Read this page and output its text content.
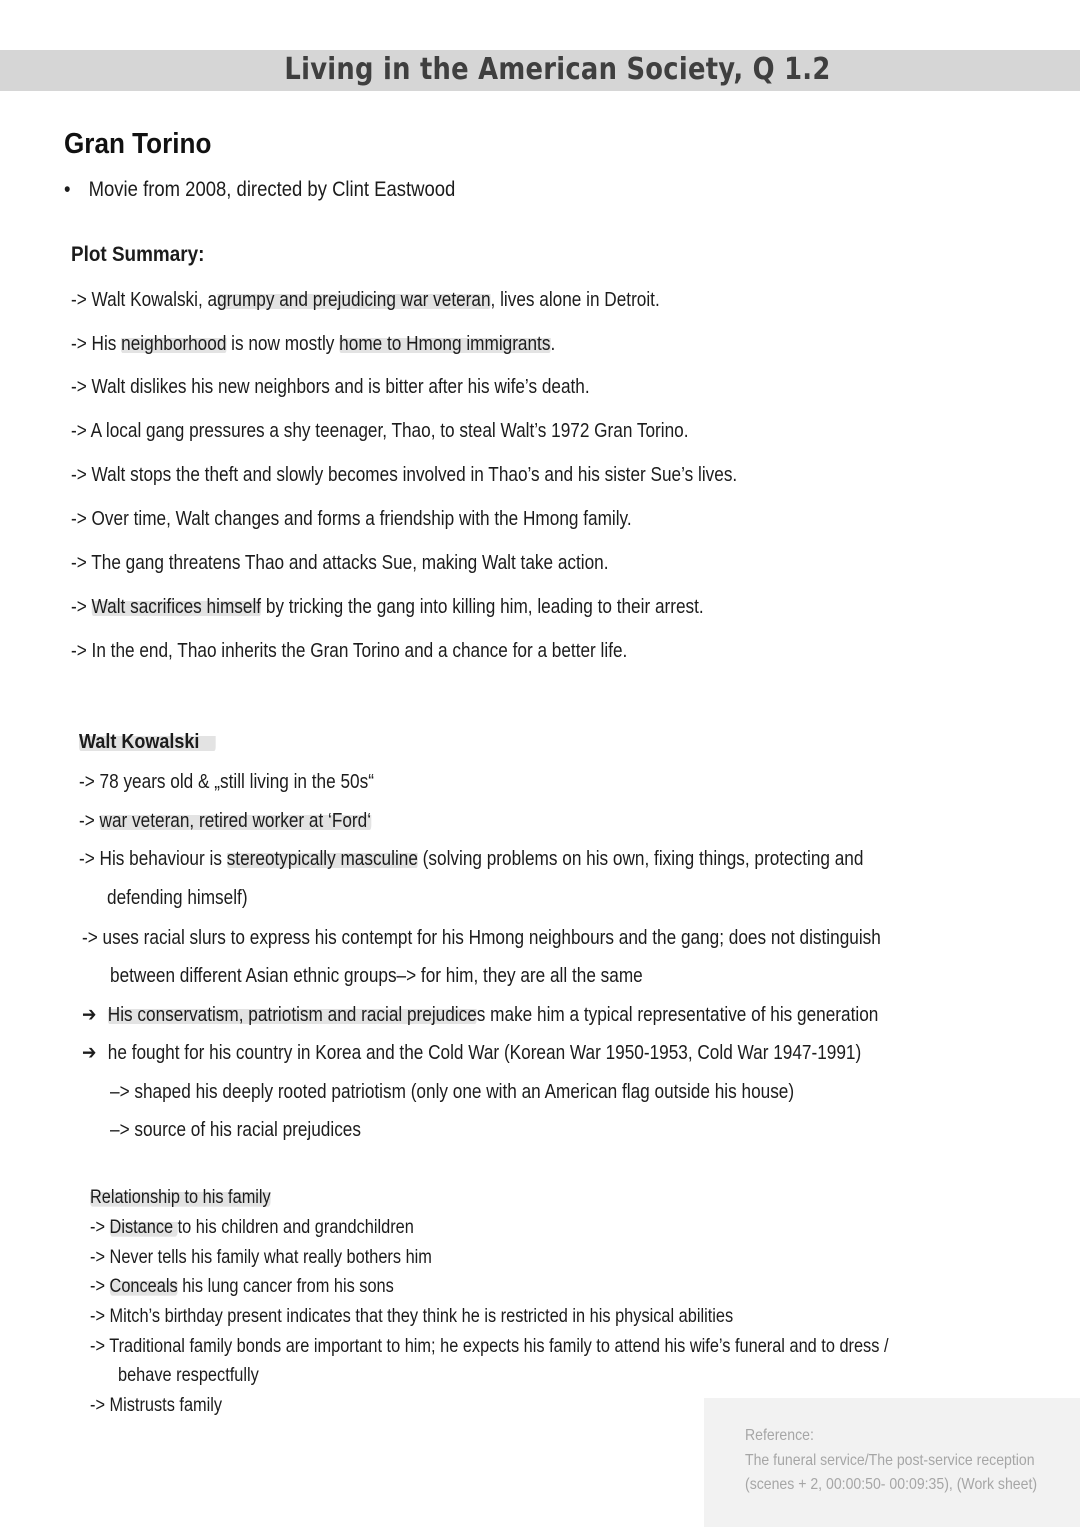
Living in the American Society, Q 1.2
Gran Torino
• Movie from 2008, directed by Clint Eastwood
Plot Summary:
-> Walt Kowalski, agrumpy and prejudicing war veteran, lives alone in Detroit.
-> His neighborhood is now mostly home to Hmong immigrants.
-> Walt dislikes his new neighbors and is bitter after his wife’s death.
-> A local gang pressures a shy teenager, Thao, to steal Walt’s 1972 Gran Torino.
-> Walt stops the theft and slowly becomes involved in Thao’s and his sister Sue’s lives.
-> Over time, Walt changes and forms a friendship with the Hmong family.
-> The gang threatens Thao and attacks Sue, making Walt take action.
-> Walt sacrifices himself by tricking the gang into killing him, leading to their arrest.
-> In the end, Thao inherits the Gran Torino and a chance for a better life.
Walt Kowalski
-> 78 years old & „still living in the 50s“
-> war veteran, retired worker at ‘Ford‘
-> His behaviour is stereotypically masculine (solving problems on his own, fixing things, protecting and
defending himself)
-> uses racial slurs to express his contempt for his Hmong neighbours and the gang; does not distinguish
between different Asian ethnic groups–> for him, they are all the same
➔ His conservatism, patriotism and racial prejudices make him a typical representative of his generation
➔ he fought for his country in Korea and the Cold War (Korean War 1950-1953, Cold War 1947-1991)
–> shaped his deeply rooted patriotism (only one with an American flag outside his house)
–> source of his racial prejudices
Relationship to his family
-> Distance to his children and grandchildren
-> Never tells his family what really bothers him
-> Conceals his lung cancer from his sons
-> Mitch’s birthday present indicates that they think he is restricted in his physical abilities
-> Traditional family bonds are important to him; he expects his family to attend his wife’s funeral and to dress /
behave respectfully
-> Mistrusts family
Reference:
The funeral service/The post-service reception
(scenes + 2, 00:00:50- 00:09:35), (Work sheet)
